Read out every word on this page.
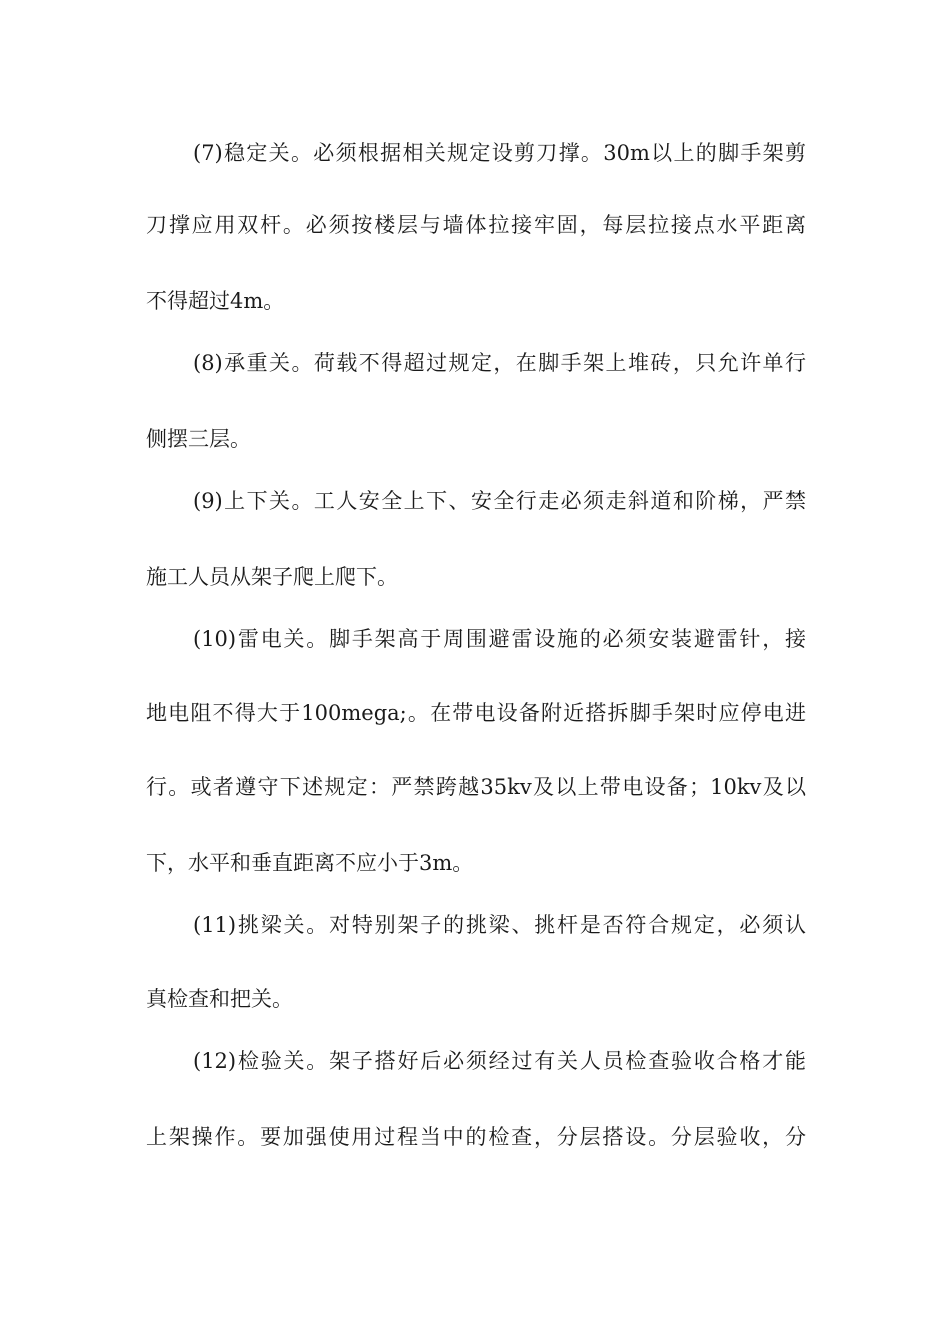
(7)稳定关。必须根据相关规定设剪刀撑。30m以上的脚手架剪
刀撑应用双杆。必须按楼层与墙体拉接牢固，每层拉接点水平距离
不得超过4m。
(8)承重关。荷载不得超过规定，在脚手架上堆砖，只允许单行
侧摆三层。
(9)上下关。工人安全上下、安全行走必须走斜道和阶梯，严禁
施工人员从架子爬上爬下。
(10)雷电关。脚手架高于周围避雷设施的必须安装避雷针，接
地电阻不得大于100mega;。在带电设备附近搭拆脚手架时应停电进
行。或者遵守下述规定：严禁跨越35kv及以上带电设备；10kv及以
下，水平和垂直距离不应小于3m。
(11)挑梁关。对特别架子的挑梁、挑杆是否符合规定，必须认
真检查和把关。
(12)检验关。架子搭好后必须经过有关人员检查验收合格才能
上架操作。要加强使用过程当中的检查，分层搭设。分层验收，分
